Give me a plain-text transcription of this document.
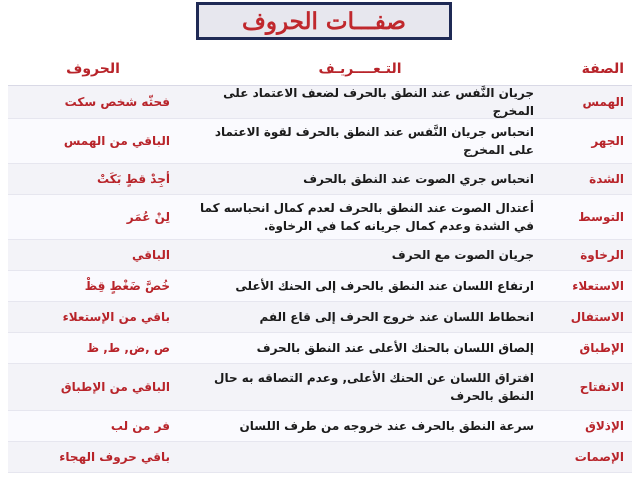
صفـــات الحروف
الصفة
التـعــــريـف
الحروف
الهمس
جريان النَّفس عند النطق بالحرف لضعف الاعتماد على المخرج
فحثّه شخص سكت
الجهر
انحباس جريان النَّفس عند النطق بالحرف لقوة الاعتماد على المخرج
الباقي من الهمس
الشدة
انحباس جري الصوت عند النطق بالحرف
أجِدْ قطٍ بَكَتْ
التوسط
أعتدال الصوت عند النطق بالحرف لعدم كمال انحباسه كما في الشدة وعدم كمال جريانه كما في الرخاوة.
لِنْ عُمَر
الرخاوة
جريان الصوت مع الحرف
الباقي
الاستعلاء
ارتفاع اللسان عند النطق بالحرف إلى الحنك الأعلى
خُصَّ ضَغْطٍ قِظْ
الاستفال
انحطاط اللسان عند خروج الحرف إلى قاع الفم
باقي من الإستعلاء
الإطباق
إلصاق اللسان بالحنك الأعلى عند النطق بالحرف
ص ,ض, ط, ظ
الانفتاح
افتراق اللسان عن الحنك الأعلى, وعدم التصاقه به حال النطق بالحرف
الباقي من الإطباق
الإذلاق
سرعة النطق بالحرف عند خروجه من طرف اللسان
فر من لب
الإصمات
باقي حروف الهجاء
